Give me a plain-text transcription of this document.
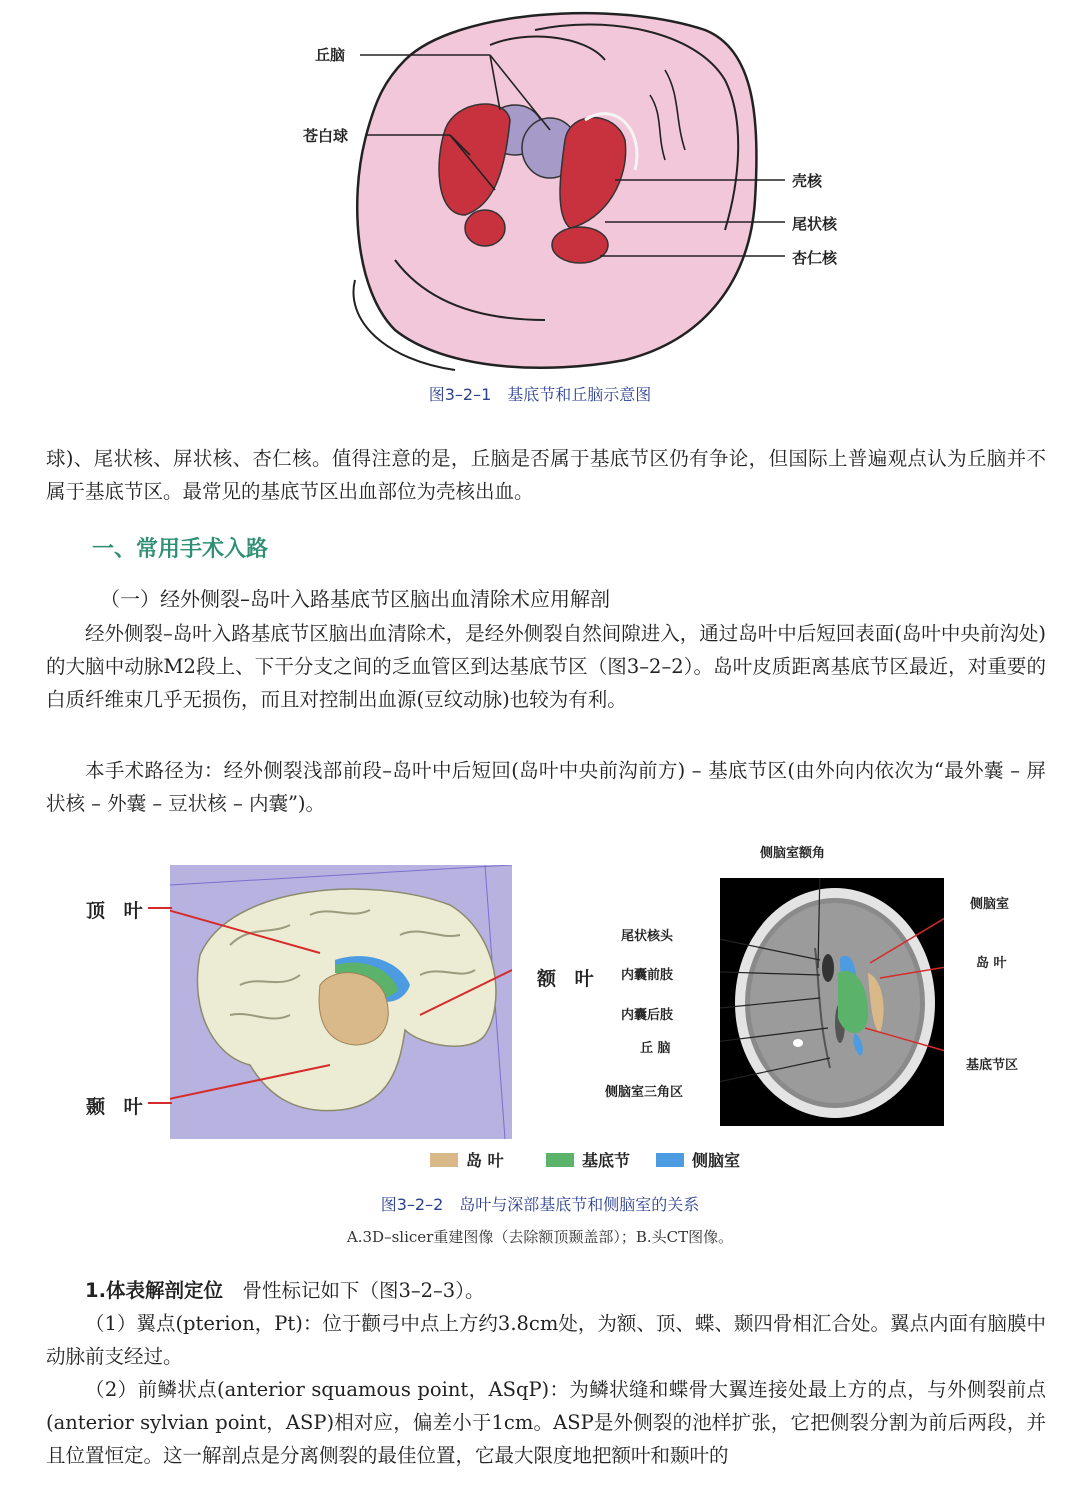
丘脑
苍白球
壳核
尾状核
杏仁核
图3–2–1　基底节和丘脑示意图
球)、尾状核、屏状核、杏仁核。值得注意的是，丘脑是否属于基底节区仍有争论，但国际上普遍观点认为丘脑并不属于基底节区。最常见的基底节区出血部位为壳核出血。
一、常用手术入路
（一）经外侧裂–岛叶入路基底节区脑出血清除术应用解剖
经外侧裂–岛叶入路基底节区脑出血清除术，是经外侧裂自然间隙进入，通过岛叶中后短回表面(岛叶中央前沟处)的大脑中动脉M2段上、下干分支之间的乏血管区到达基底节区（图3–2–2）。岛叶皮质距离基底节区最近，对重要的白质纤维束几乎无损伤，而且对控制出血源(豆纹动脉)也较为有利。
本手术路径为：经外侧裂浅部前段–岛叶中后短回(岛叶中央前沟前方) – 基底节区(由外向内依次为“最外囊 – 屏状核 – 外囊 – 豆状核 – 内囊”)。
顶 叶
额 叶
颞 叶
侧脑室额角
侧脑室
岛 叶
基底节区
尾状核头
内囊前肢
内囊后肢
丘 脑
侧脑室三角区
岛 叶	基底节	侧脑室
图3–2–2　岛叶与深部基底节和侧脑室的关系
A.3D–slicer重建图像（去除额顶颞盖部）；B.头CT图像。
1.体表解剖定位　骨性标记如下（图3–2–3）。
（1）翼点(pterion，Pt)：位于颧弓中点上方约3.8cm处，为额、顶、蝶、颞四骨相汇合处。翼点内面有脑膜中动脉前支经过。
（2）前鳞状点(anterior squamous point，ASqP)：为鳞状缝和蝶骨大翼连接处最上方的点，与外侧裂前点(anterior sylvian point，ASP)相对应，偏差小于1cm。ASP是外侧裂的池样扩张，它把侧裂分割为前后两段，并且位置恒定。这一解剖点是分离侧裂的最佳位置，它最大限度地把额叶和颞叶的
